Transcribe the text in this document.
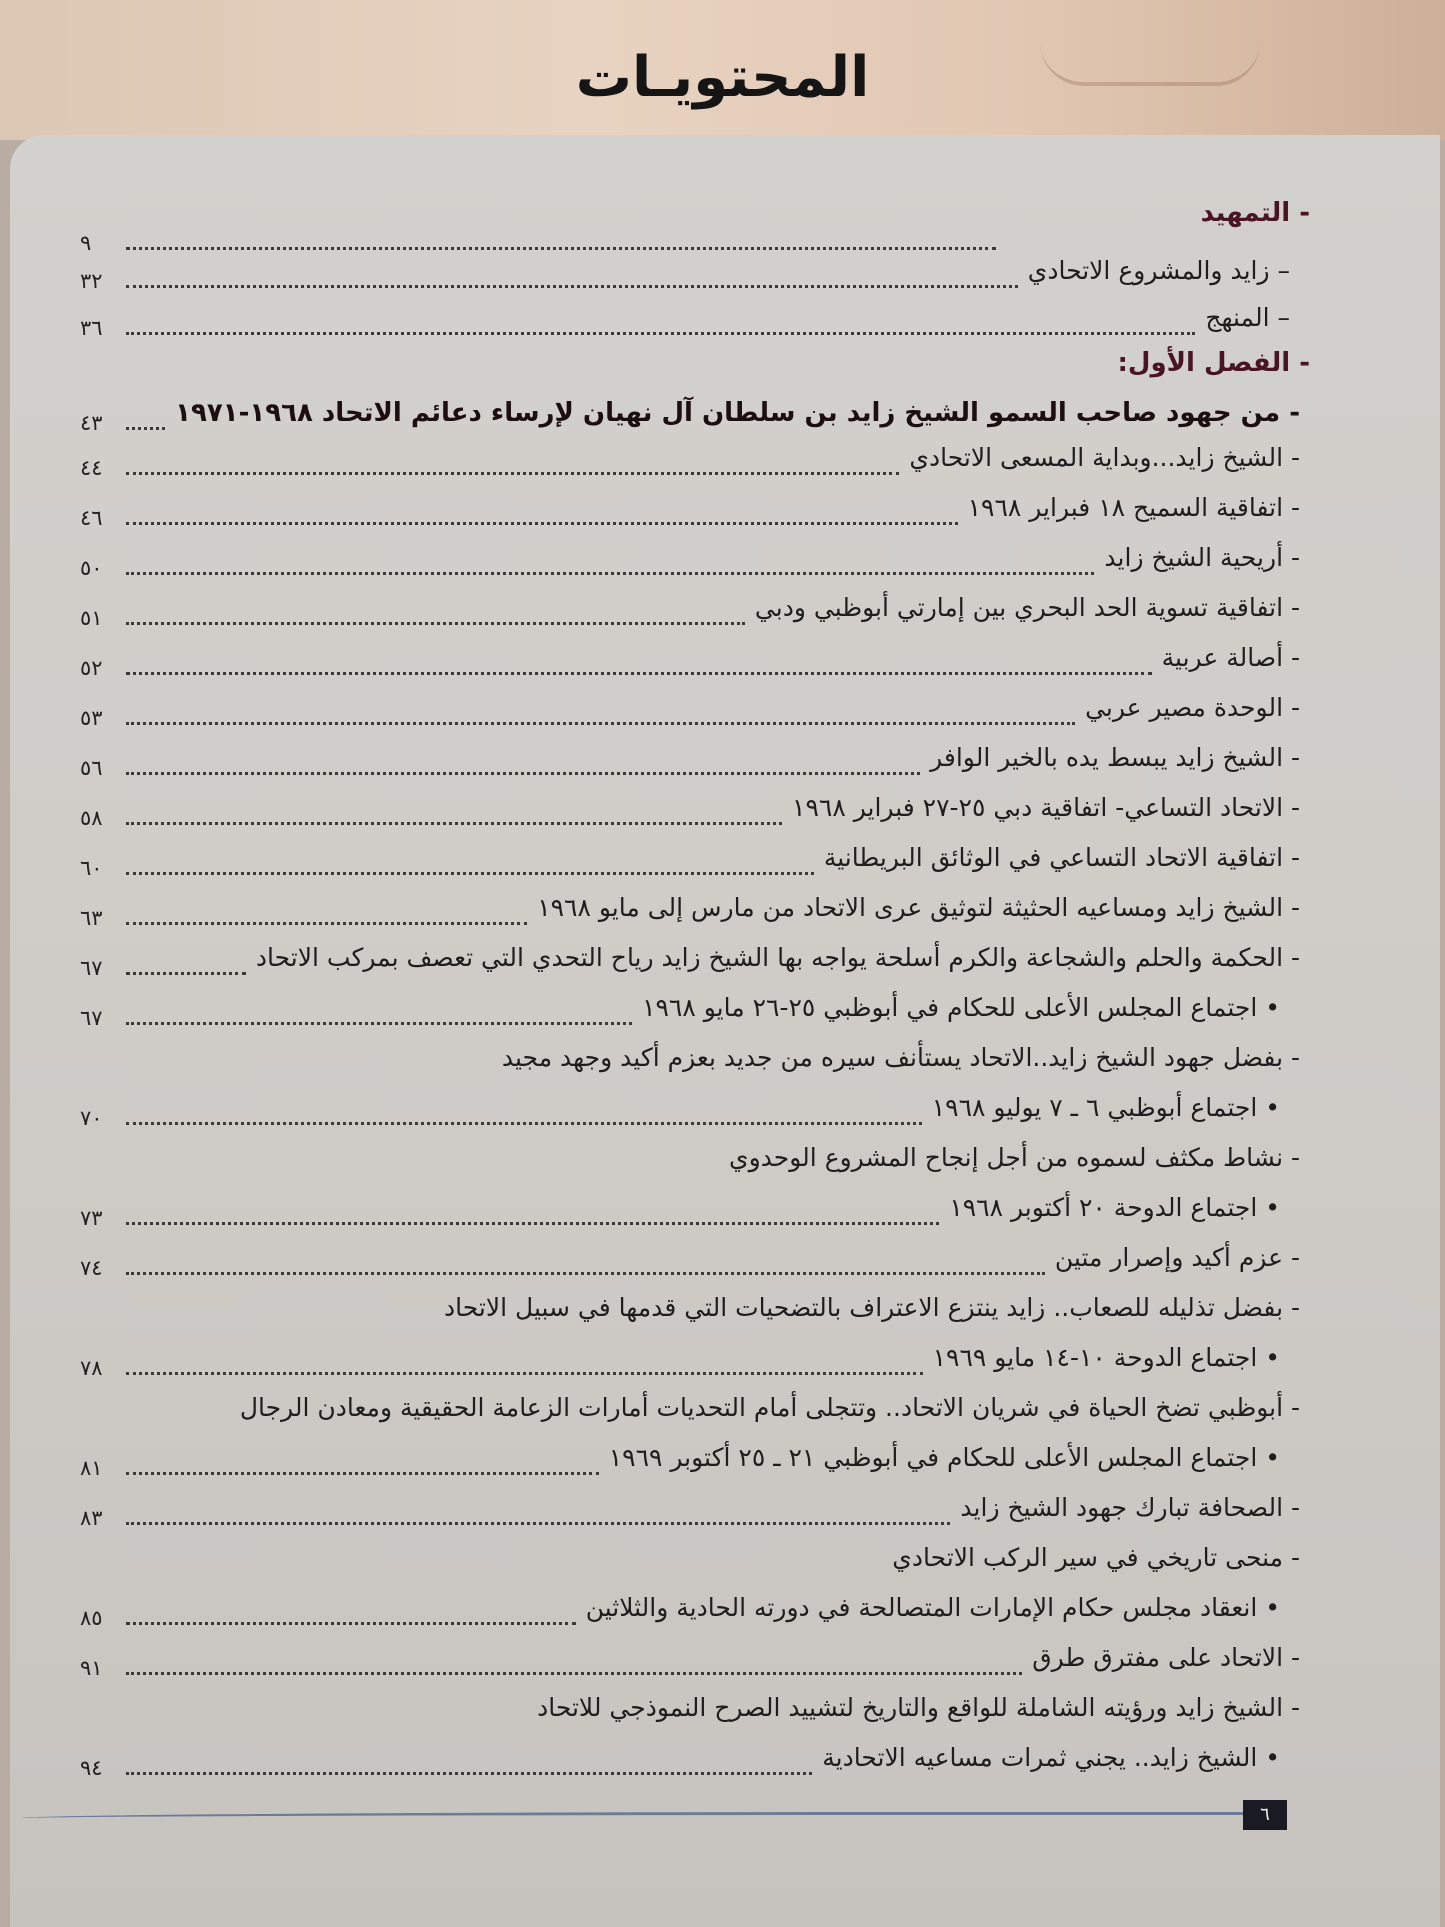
المحتويـات
- التمهيد
٩
– زايد والمشروع الاتحادي
٣٢
– المنهج
٣٦
- الفصل الأول:
- من جهود صاحب السمو الشيخ زايد بن سلطان آل نهيان لإرساء دعائم الاتحاد ١٩٦٨-١٩٧١
٤٣
- الشيخ زايد...وبداية المسعى الاتحادي
٤٤
- اتفاقية السميح ١٨ فبراير ١٩٦٨
٤٦
- أريحية الشيخ زايد
٥٠
- اتفاقية تسوية الحد البحري بين إمارتي أبوظبي ودبي
٥١
- أصالة عربية
٥٢
- الوحدة مصير عربي
٥٣
- الشيخ زايد يبسط يده بالخير الوافر
٥٦
- الاتحاد التساعي- اتفاقية دبي ٢٥-٢٧ فبراير ١٩٦٨
٥٨
- اتفاقية الاتحاد التساعي في الوثائق البريطانية
٦٠
- الشيخ زايد ومساعيه الحثيثة لتوثيق عرى الاتحاد من مارس إلى مايو ١٩٦٨
٦٣
- الحكمة والحلم والشجاعة والكرم أسلحة يواجه بها الشيخ زايد رياح التحدي التي تعصف بمركب الاتحاد
٦٧
• اجتماع المجلس الأعلى للحكام في أبوظبي ٢٥-٢٦ مايو ١٩٦٨
٦٧
- بفضل جهود الشيخ زايد..الاتحاد يستأنف سيره من جديد بعزم أكيد وجهد مجيد
• اجتماع أبوظبي ٦ ـ ٧ يوليو ١٩٦٨
٧٠
- نشاط مكثف لسموه من أجل إنجاح المشروع الوحدوي
• اجتماع الدوحة ٢٠ أكتوبر ١٩٦٨
٧٣
- عزم أكيد وإصرار متين
٧٤
- بفضل تذليله للصعاب.. زايد ينتزع الاعتراف بالتضحيات التي قدمها في سبيل الاتحاد
• اجتماع الدوحة ١٠-١٤ مايو ١٩٦٩
٧٨
- أبوظبي تضخ الحياة في شريان الاتحاد.. وتتجلى أمام التحديات أمارات الزعامة الحقيقية ومعادن الرجال
• اجتماع المجلس الأعلى للحكام في أبوظبي ٢١ ـ ٢٥ أكتوبر ١٩٦٩
٨١
- الصحافة تبارك جهود الشيخ زايد
٨٣
- منحى تاريخي في سير الركب الاتحادي
• انعقاد مجلس حكام الإمارات المتصالحة في دورته الحادية والثلاثين
٨٥
- الاتحاد على مفترق طرق
٩١
- الشيخ زايد ورؤيته الشاملة للواقع والتاريخ لتشييد الصرح النموذجي للاتحاد
• الشيخ زايد.. يجني ثمرات مساعيه الاتحادية
٩٤
٦
